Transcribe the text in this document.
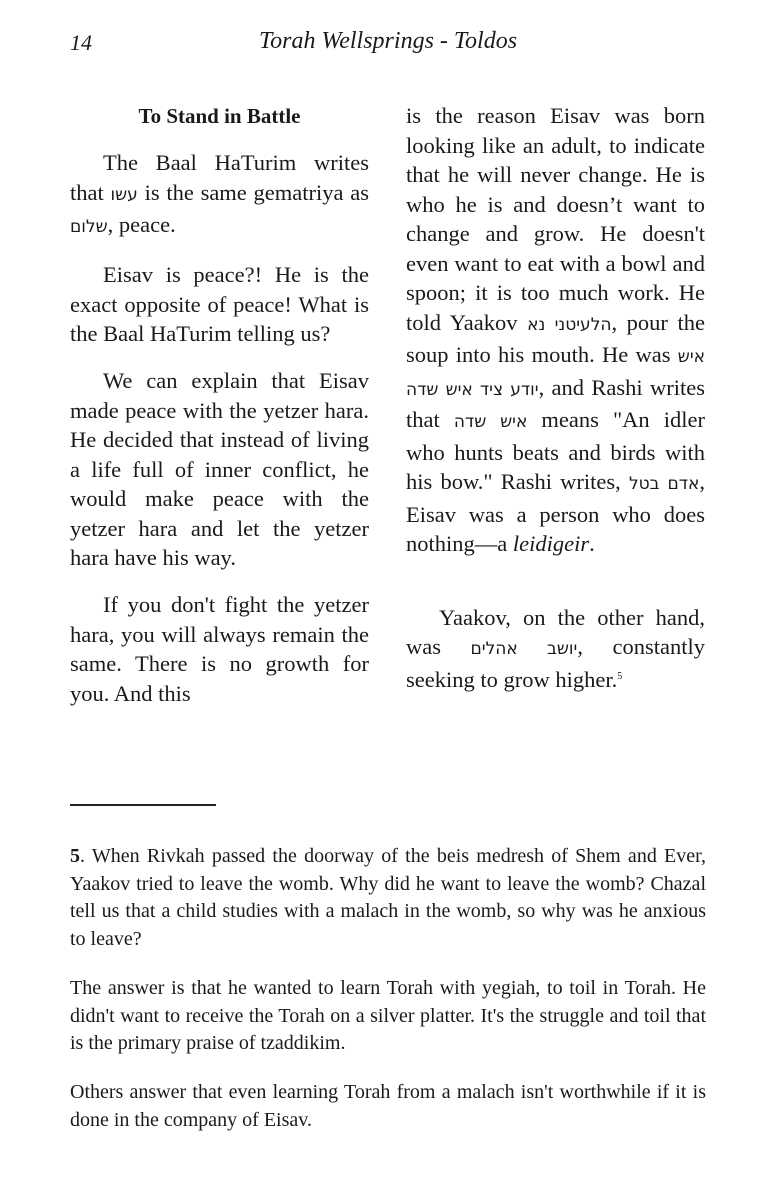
14	Torah Wellsprings - Toldos
To Stand in Battle

The Baal HaTurim writes that עשו is the same gematriya as שלום, peace.

Eisav is peace?! He is the exact opposite of peace! What is the Baal HaTurim telling us?

We can explain that Eisav made peace with the yetzer hara. He decided that instead of living a life full of inner conflict, he would make peace with the yetzer hara and let the yetzer hara have his way.

If you don't fight the yetzer hara, you will always remain the same. There is no growth for you. And this

is the reason Eisav was born looking like an adult, to indicate that he will never change. He is who he is and doesn’t want to change and grow. He doesn't even want to eat with a bowl and spoon; it is too much work. He told Yaakov הלעיטני נא, pour the soup into his mouth. He was איש יודע ציד איש שדה, and Rashi writes that איש שדה means "An idler who hunts beats and birds with his bow." Rashi writes, אדם בטל, Eisav was a person who does nothing—a leidigeir.

Yaakov, on the other hand, was יושב אהלים, constantly seeking to grow higher.$^5$

5. When Rivkah passed the doorway of the beis medresh of Shem and Ever, Yaakov tried to leave the womb. Why did he want to leave the womb? Chazal tell us that a child studies with a malach in the womb, so why was he anxious to leave?

The answer is that he wanted to learn Torah with yegiah, to toil in Torah. He didn't want to receive the Torah on a silver platter. It's the struggle and toil that is the primary praise of tzaddikim.

Others answer that even learning Torah from a malach isn't worthwhile if it is done in the company of Eisav.
